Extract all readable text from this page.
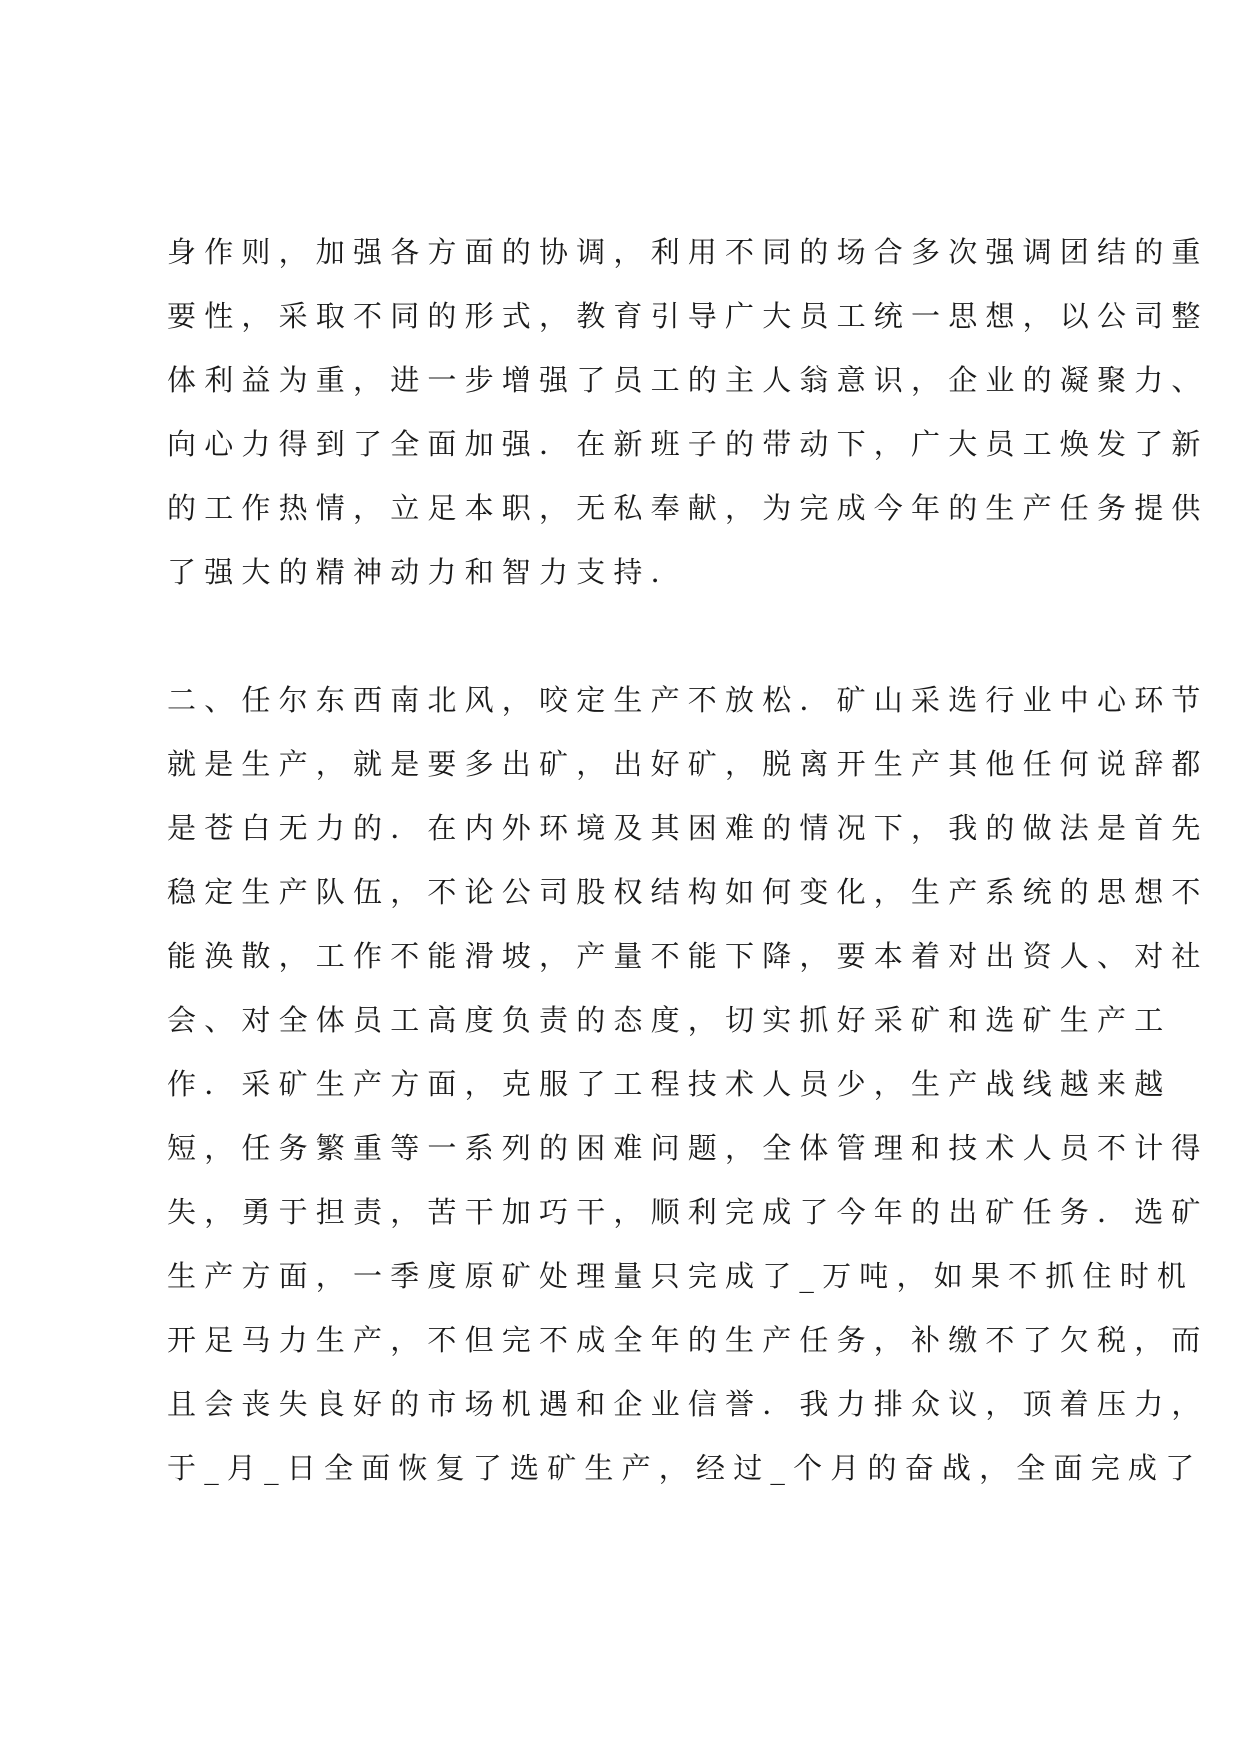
身作则，加强各方面的协调，利用不同的场合多次强调团结的重
要性，采取不同的形式，教育引导广大员工统一思想，以公司整
体利益为重，进一步增强了员工的主人翁意识，企业的凝聚力、
向心力得到了全面加强．在新班子的带动下，广大员工焕发了新
的工作热情，立足本职，无私奉献，为完成今年的生产任务提供
了强大的精神动力和智力支持．
二、任尔东西南北风，咬定生产不放松．矿山采选行业中心环节
就是生产，就是要多出矿，出好矿，脱离开生产其他任何说辞都
是苍白无力的．在内外环境及其困难的情况下，我的做法是首先
稳定生产队伍，不论公司股权结构如何变化，生产系统的思想不
能涣散，工作不能滑坡，产量不能下降，要本着对出资人、对社
会、对全体员工高度负责的态度，切实抓好采矿和选矿生产工
作．采矿生产方面，克服了工程技术人员少，生产战线越来越
短，任务繁重等一系列的困难问题，全体管理和技术人员不计得
失，勇于担责，苦干加巧干，顺利完成了今年的出矿任务．选矿
生产方面，一季度原矿处理量只完成了_万吨，如果不抓住时机
开足马力生产，不但完不成全年的生产任务，补缴不了欠税，而
且会丧失良好的市场机遇和企业信誉．我力排众议，顶着压力，
于_月_日全面恢复了选矿生产，经过_个月的奋战，全面完成了
